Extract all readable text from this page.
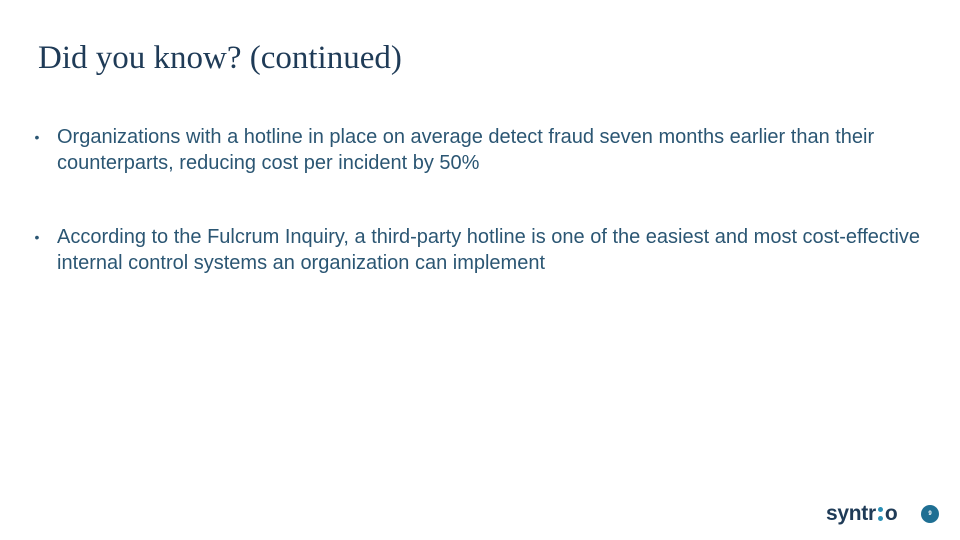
Did you know? (continued)
• Organizations with a hotline in place on average detect fraud seven months earlier than their counterparts, reducing cost per incident by 50%
• According to the Fulcrum Inquiry, a third-party hotline is one of the easiest and most cost-effective internal control systems an organization can implement
syntr o	9
